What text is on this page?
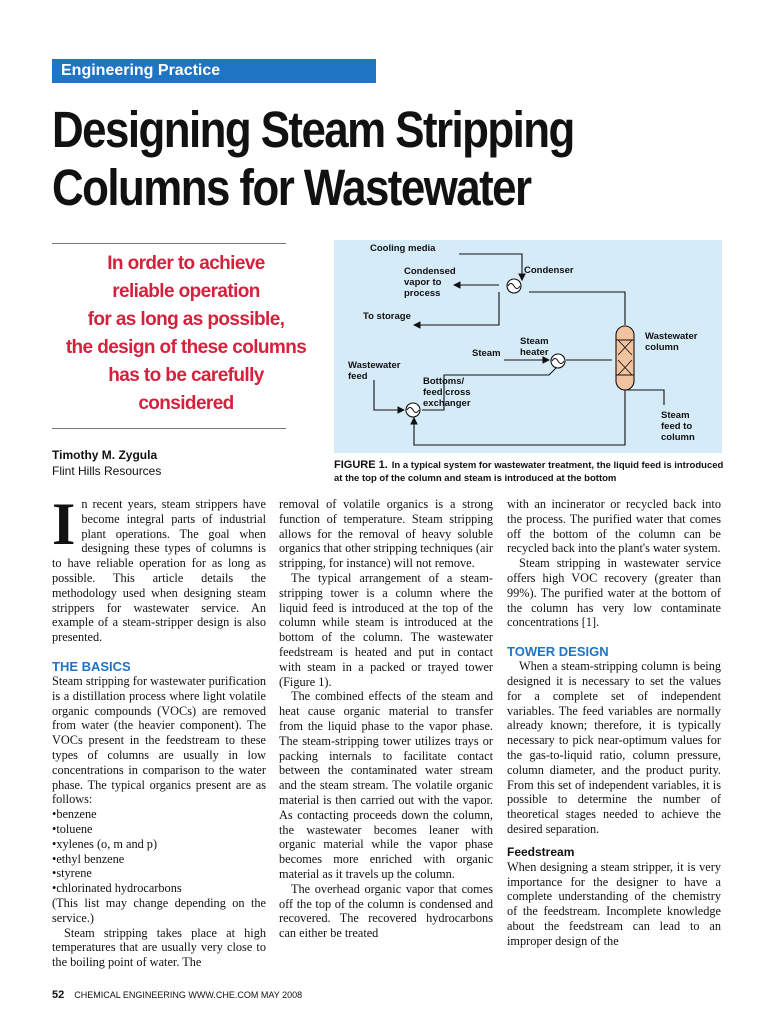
Engineering Practice
Designing Steam Stripping
Columns for Wastewater
In order to achieve
reliable operation
for as long as possible,
the design of these columns
has to be carefully
considered
Timothy M. Zygula
Flint Hills Resources
Cooling media
Condensed
vapor to
process
Condenser
To storage
Steam
Steam
heater
Wastewater
column
Wastewater
feed	Bottoms/
feed cross
exchanger
Steam
feed to
column
FIGURE 1. In a typical system for wastewater treatment, the liquid feed is introduced at the top of the column and steam is introduced at the bottom

In recent years, steam strippers have become integral parts of industrial plant operations. The goal when designing these types of columns is to have reliable operation for as long as possible. This article details the methodology used when designing steam strippers for wastewater service. An example of a steam-stripper design is also presented.

THE BASICS

Steam stripping for wastewater purification is a distillation process where light volatile organic compounds (VOCs) are removed from water (the heavier component). The VOCs present in the feedstream to these types of columns are usually in low concentrations in comparison to the water phase. The typical organics present are as follows:

• benzene
• toluene
• xylenes (o, m and p)
• ethyl benzene
• styrene
• chlorinated hydrocarbons

(This list may change depending on the service.)

Steam stripping takes place at high temperatures that are usually very close to the boiling point of water. The

removal of volatile organics is a strong function of temperature. Steam stripping allows for the removal of heavy soluble organics that other stripping techniques (air stripping, for instance) will not remove.

The typical arrangement of a steam-stripping tower is a column where the liquid feed is introduced at the top of the column while steam is introduced at the bottom of the column. The wastewater feedstream is heated and put in contact with steam in a packed or trayed tower (Figure 1).

The combined effects of the steam and heat cause organic material to transfer from the liquid phase to the vapor phase. The steam-stripping tower utilizes trays or packing internals to facilitate contact between the contaminated water stream and the steam stream. The volatile organic material is then carried out with the vapor. As contacting proceeds down the column, the wastewater becomes leaner with organic material while the vapor phase becomes more enriched with organic material as it travels up the column.

The overhead organic vapor that comes off the top of the column is condensed and recovered. The recovered hydrocarbons can either be treated

with an incinerator or recycled back into the process. The purified water that comes off the bottom of the column can be recycled back into the plant's water system.

Steam stripping in wastewater service offers high VOC recovery (greater than 99%). The purified water at the bottom of the column has very low contaminate concentrations [1].

TOWER DESIGN

When a steam-stripping column is being designed it is necessary to set the values for a complete set of independent variables. The feed variables are normally already known; therefore, it is typically necessary to pick near-optimum values for the gas-to-liquid ratio, column pressure, column diameter, and the product purity. From this set of independent variables, it is possible to determine the number of theoretical stages needed to achieve the desired separation.

Feedstream

When designing a steam stripper, it is very importance for the designer to have a complete understanding of the chemistry of the feedstream. Incomplete knowledge about the feedstream can lead to an improper design of the

52 CHEMICAL ENGINEERING WWW.CHE.COM MAY 2008
